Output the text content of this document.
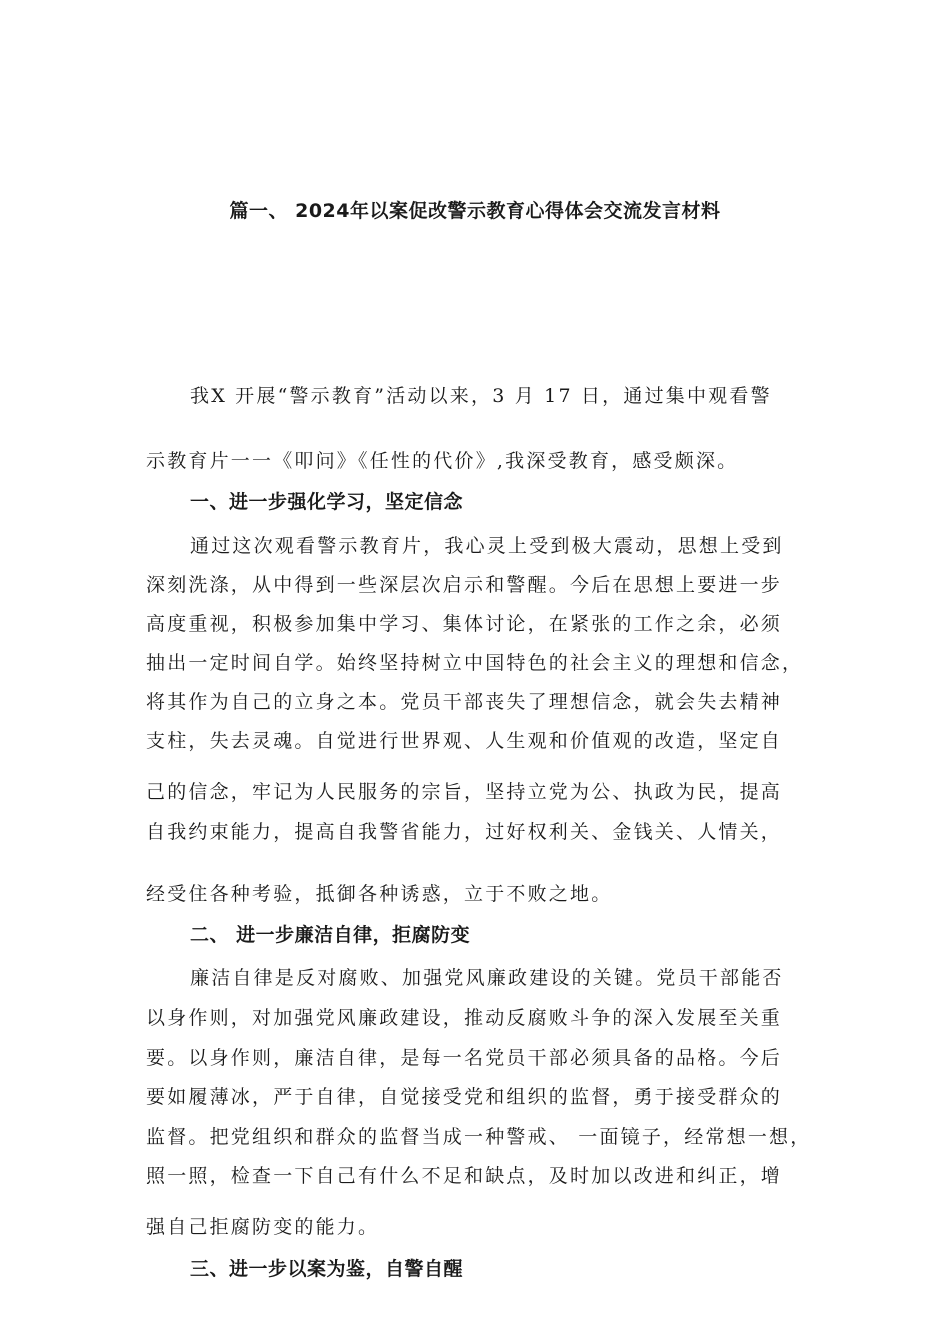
篇一、 2024年以案促改警示教育心得体会交流发言材料
我X 开展“警示教育”活动以来，3 月 17 日，通过集中观看警
示教育片一一《叩问》《任性的代价》,我深受教育，感受颇深。
一、进一步强化学习，坚定信念
通过这次观看警示教育片，我心灵上受到极大震动，思想上受到
深刻洗涤，从中得到一些深层次启示和警醒。今后在思想上要进一步
高度重视，积极参加集中学习、集体讨论，在紧张的工作之余，必须
抽出一定时间自学。始终坚持树立中国特色的社会主义的理想和信念，
将其作为自己的立身之本。党员干部丧失了理想信念，就会失去精神
支柱，失去灵魂。自觉进行世界观、人生观和价值观的改造，坚定自
己的信念，牢记为人民服务的宗旨，坚持立党为公、执政为民，提高
自我约束能力，提高自我警省能力，过好权利关、金钱关、人情关，
经受住各种考验，抵御各种诱惑，立于不败之地。
二、 进一步廉洁自律，拒腐防变
廉洁自律是反对腐败、加强党风廉政建设的关键。党员干部能否
以身作则，对加强党风廉政建设，推动反腐败斗争的深入发展至关重
要。以身作则，廉洁自律，是每一名党员干部必须具备的品格。今后
要如履薄冰，严于自律，自觉接受党和组织的监督，勇于接受群众的
监督。把党组织和群众的监督当成一种警戒、 一面镜子，经常想一想，
照一照，检查一下自己有什么不足和缺点，及时加以改进和纠正，增
强自己拒腐防变的能力。
三、进一步以案为鉴，自警自醒
